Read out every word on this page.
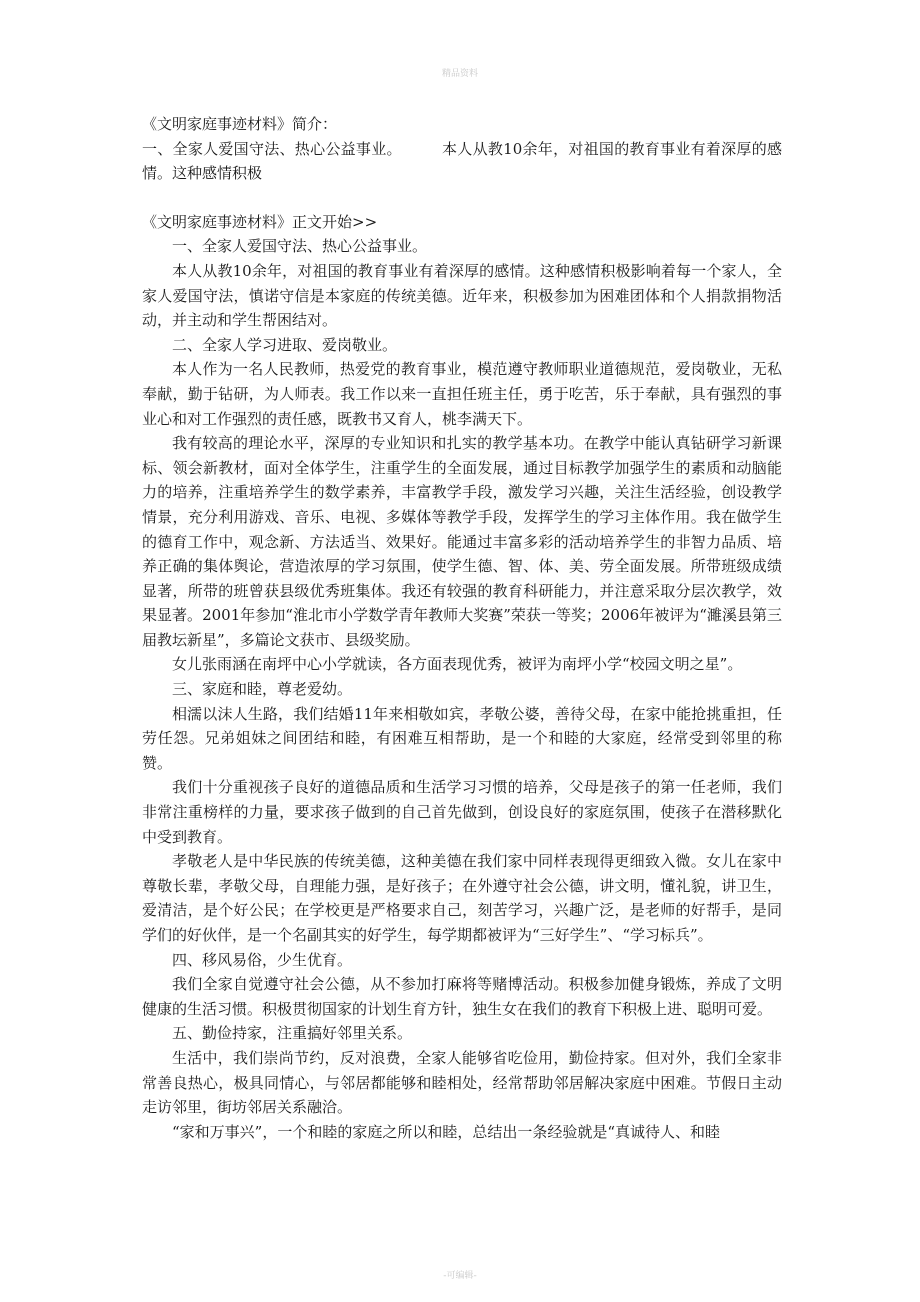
精品资料

《文明家庭事迹材料》简介：

一、全家人爱国守法、热心公益事业。	本人从教10余年，对祖国的教育事业有着深厚的感情。这种感情积极

《文明家庭事迹材料》正文开始>>

一、全家人爱国守法、热心公益事业。

本人从教10余年，对祖国的教育事业有着深厚的感情。这种感情积极影响着每一个家人，全家人爱国守法，慎诺守信是本家庭的传统美德。近年来，积极参加为困难团体和个人捐款捐物活动，并主动和学生帮困结对。

二、全家人学习进取、爱岗敬业。

本人作为一名人民教师，热爱党的教育事业，模范遵守教师职业道德规范，爱岗敬业，无私奉献，勤于钻研，为人师表。我工作以来一直担任班主任，勇于吃苦，乐于奉献，具有强烈的事业心和对工作强烈的责任感，既教书又育人，桃李满天下。

我有较高的理论水平，深厚的专业知识和扎实的教学基本功。在教学中能认真钻研学习新课标、领会新教材，面对全体学生，注重学生的全面发展，通过目标教学加强学生的素质和动脑能力的培养，注重培养学生的数学素养，丰富教学手段，激发学习兴趣，关注生活经验，创设教学情景，充分利用游戏、音乐、电视、多媒体等教学手段，发挥学生的学习主体作用。我在做学生的德育工作中，观念新、方法适当、效果好。能通过丰富多彩的活动培养学生的非智力品质、培养正确的集体舆论，营造浓厚的学习氛围，使学生德、智、体、美、劳全面发展。所带班级成绩显著，所带的班曾获县级优秀班集体。我还有较强的教育科研能力，并注意采取分层次教学，效果显著。2001年参加“淮北市小学数学青年教师大奖赛”荣获一等奖；2006年被评为“濉溪县第三届教坛新星”，多篇论文获市、县级奖励。

女儿张雨涵在南坪中心小学就读，各方面表现优秀，被评为南坪小学“校园文明之星”。

三、家庭和睦，尊老爱幼。

相濡以沫人生路，我们结婚11年来相敬如宾，孝敬公婆，善待父母，在家中能抢挑重担，任劳任怨。兄弟姐妹之间团结和睦，有困难互相帮助，是一个和睦的大家庭，经常受到邻里的称赞。

我们十分重视孩子良好的道德品质和生活学习习惯的培养，父母是孩子的第一任老师，我们非常注重榜样的力量，要求孩子做到的自己首先做到，创设良好的家庭氛围，使孩子在潜移默化中受到教育。

孝敬老人是中华民族的传统美德，这种美德在我们家中同样表现得更细致入微。女儿在家中尊敬长辈，孝敬父母，自理能力强，是好孩子；在外遵守社会公德，讲文明，懂礼貌，讲卫生，爱清洁，是个好公民；在学校更是严格要求自己，刻苦学习，兴趣广泛，是老师的好帮手，是同学们的好伙伴，是一个名副其实的好学生，每学期都被评为“三好学生”、“学习标兵”。

四、移风易俗，少生优育。

我们全家自觉遵守社会公德，从不参加打麻将等赌博活动。积极参加健身锻炼，养成了文明健康的生活习惯。积极贯彻国家的计划生育方针，独生女在我们的教育下积极上进、聪明可爱。

五、勤俭持家，注重搞好邻里关系。

生活中，我们崇尚节约，反对浪费，全家人能够省吃俭用，勤俭持家。但对外，我们全家非常善良热心，极具同情心，与邻居都能够和睦相处，经常帮助邻居解决家庭中困难。节假日主动走访邻里，街坊邻居关系融洽。

“家和万事兴”，一个和睦的家庭之所以和睦，总结出一条经验就是“真诚待人、和睦

-可编辑-
